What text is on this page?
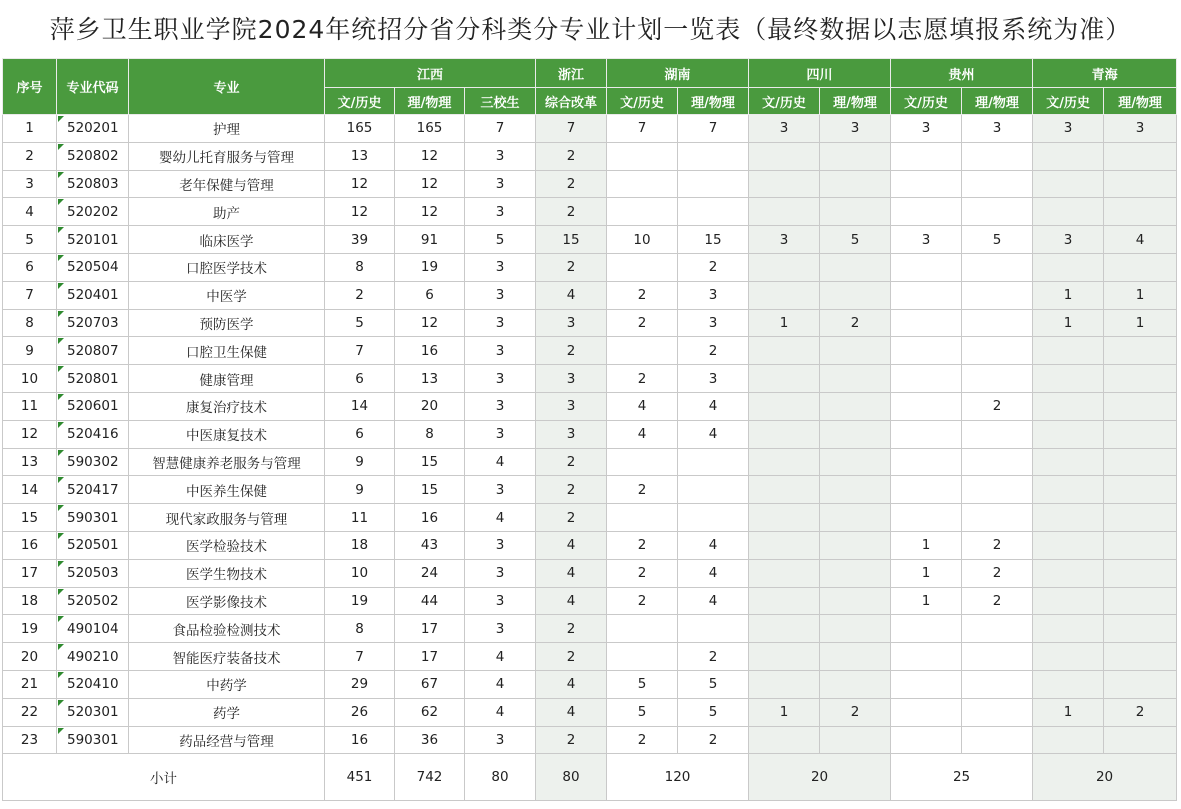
萍乡卫生职业学院2024年统招分省分科类分专业计划一览表（最终数据以志愿填报系统为准）
序号	专业代码	专业	江西			浙江	湖南		四川		贵州		青海	
			文/历史	理/物理	三校生	综合改革	文/历史	理/物理	文/历史	理/物理	文/历史	理/物理	文/历史	理/物理
1	520201	护理	165	165	7	7	7	7	3	3	3	3	3	3
2	520802	婴幼儿托育服务与管理	13	12	3	2								
3	520803	老年保健与管理	12	12	3	2								
4	520202	助产	12	12	3	2								
5	520101	临床医学	39	91	5	15	10	15	3	5	3	5	3	4
6	520504	口腔医学技术	8	19	3	2		2						
7	520401	中医学	2	6	3	4	2	3					1	1
8	520703	预防医学	5	12	3	3	2	3	1	2			1	1
9	520807	口腔卫生保健	7	16	3	2		2						
10	520801	健康管理	6	13	3	3	2	3						
11	520601	康复治疗技术	14	20	3	3	4	4				2		
12	520416	中医康复技术	6	8	3	3	4	4						
13	590302	智慧健康养老服务与管理	9	15	4	2								
14	520417	中医养生保健	9	15	3	2	2							
15	590301	现代家政服务与管理	11	16	4	2								
16	520501	医学检验技术	18	43	3	4	2	4			1	2		
17	520503	医学生物技术	10	24	3	4	2	4			1	2		
18	520502	医学影像技术	19	44	3	4	2	4			1	2		
19	490104	食品检验检测技术	8	17	3	2								
20	490210	智能医疗装备技术	7	17	4	2		2						
21	520410	中药学	29	67	4	4	5	5						
22	520301	药学	26	62	4	4	5	5	1	2			1	2
23	590301	药品经营与管理	16	36	3	2	2	2						
小计			451	742	80	80	120		20		25		20	
